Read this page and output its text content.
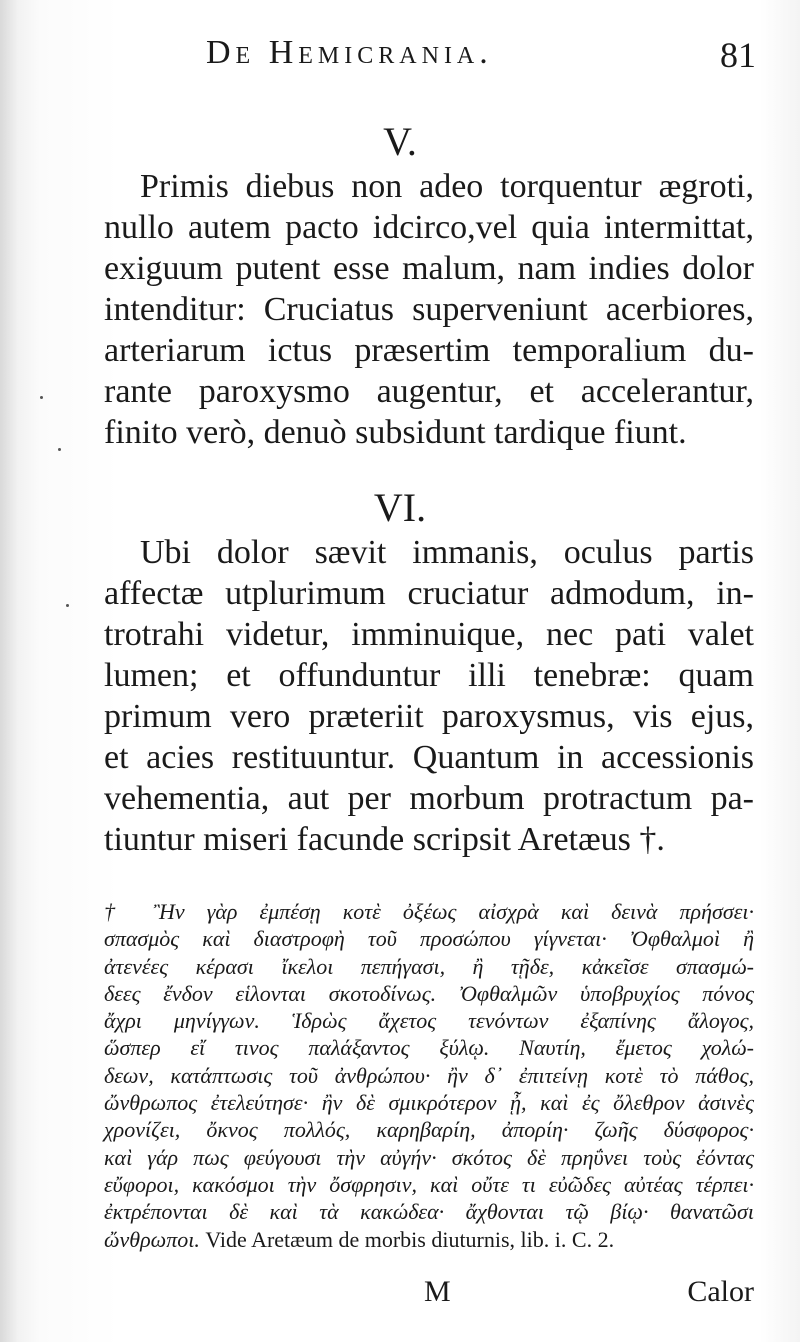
De Hemicrania.	81
V.
Primis diebus non adeo torquentur ægroti,
nullo autem pacto idcirco,vel quia intermittat,
exiguum putent esse malum, nam indies dolor
intenditur: Cruciatus superveniunt acerbiores,
arteriarum ictus præsertim temporalium du-
rante paroxysmo augentur, et accelerantur,
finito verò, denuò subsidunt tardique fiunt.
VI.
Ubi dolor sævit immanis, oculus partis
affectæ utplurimum cruciatur admodum, in-
trotrahi videtur, imminuique, nec pati valet
lumen; et offunduntur illi tenebræ: quam
primum vero præteriit paroxysmus, vis ejus,
et acies restituuntur. Quantum in accessionis
vehementia, aut per morbum protractum pa-
tiuntur miseri facunde scripsit Aretæus †.
† Ἢν γὰρ ἐμπέσῃ κοτὲ ὀξέως αἰσχρὰ καὶ δεινὰ πρήσσει·
σπασμὸς καὶ διαστροφὴ τοῦ προσώπου γίγνεται· Ὀφθαλμοὶ ἢ
ἀτενέες κέρασι ἴκελοι πεπήγασι, ἢ τῇδε, κἀκεῖσε σπασμώ-
δεες ἔνδον εἱλονται σκοτοδίνως. Ὀφθαλμῶν ὑποβρυχίος πόνος
ἄχρι μηνίγγων. Ἱδρὼς ἄχετος τενόντων ἐξαπίνης ἄλογος,
ὥσπερ εἴ τινος παλάξαντος ξύλῳ. Ναυτίη, ἔμετος χολώ-
δεων, κατάπτωσις τοῦ ἀνθρώπου· ἢν δ᾽ ἐπιτείνῃ κοτὲ τὸ πάθος,
ὤνθρωπος ἐτελεύτησε· ἢν δὲ σμικρότερον ᾖ, καὶ ἐς ὄλεθρον ἀσινὲς
χρονίζει, ὄκνος πολλός, καρηβαρίη, ἀπορίη· ζωῆς δύσφορος·
καὶ γάρ πως φεύγουσι τὴν αὐγήν· σκότος δὲ πρηΰνει τοὺς ἐόντας
εὔφοροι, κακόσμοι τὴν ὄσφρησιν, καὶ οὔτε τι εὐῶδες αὐτέας τέρπει·
ἐκτρέπονται δὲ καὶ τὰ κακώδεα· ἄχθονται τῷ βίῳ· θανατῶσι
ὤνθρωποι. Vide Aretæum de morbis diuturnis, lib. i. C. 2.
M	Calor
